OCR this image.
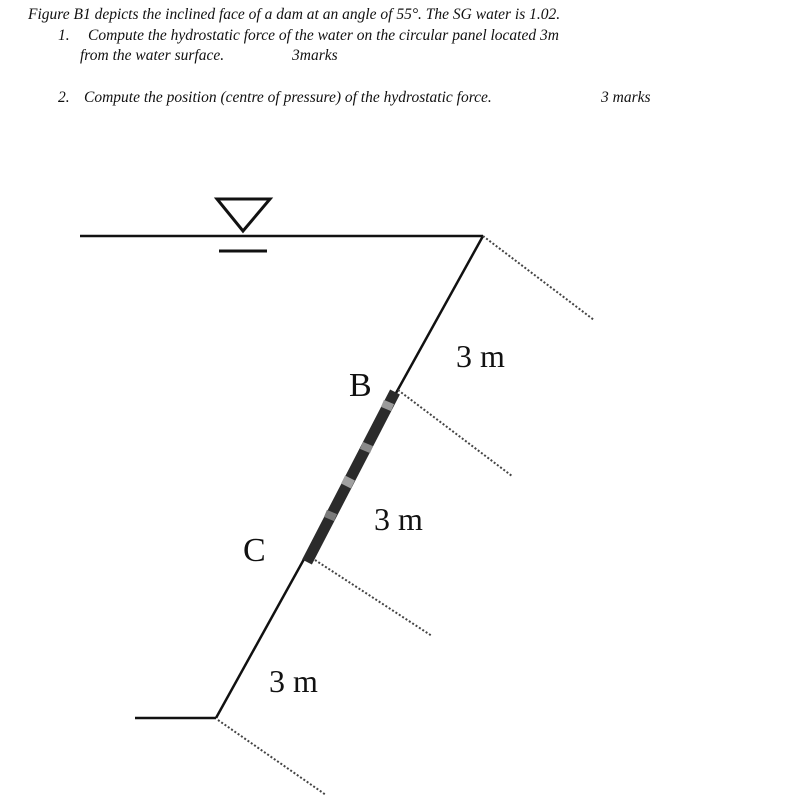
Figure B1 depicts the inclined face of a dam at an angle of 55°. The SG water is 1.02.
1. Compute the hydrostatic force of the water on the circular panel located 3m
from the water surface.	3marks
2. Compute the position (centre of pressure) of the hydrostatic force.	3 marks
B
C
3 m
3 m
3 m
